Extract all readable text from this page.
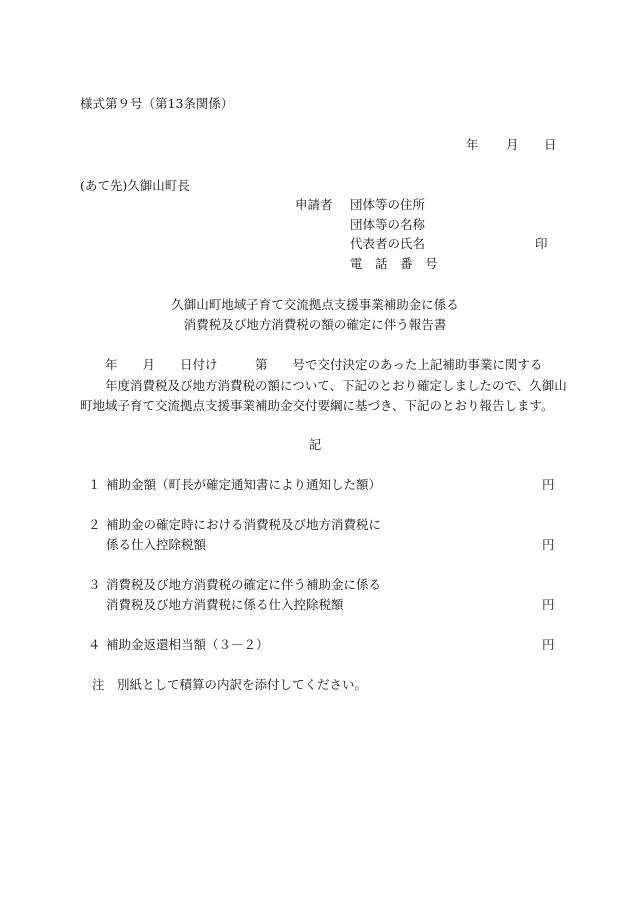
様式第９号（第13条関係）
年 月 日
(あて先)久御山町長
申請者 団体等の住所
団体等の名称
代表者の氏名	印
電　話　番　号
久御山町地域子育て交流拠点支援事業補助金に係る
消費税及び地方消費税の額の確定に伴う報告書
　　年　　月　　日付け　　　第　　号で交付決定のあった上記補助事業に関する
　　年度消費税及び地方消費税の額について、下記のとおり確定しましたので、久御山
町地域子育て交流拠点支援事業補助金交付要綱に基づき、下記のとおり報告します。
記
１ 補助金額（町長が確定通知書により通知した額）	円
２ 補助金の確定時における消費税及び地方消費税に
係る仕入控除税額	円
３ 消費税及び地方消費税の確定に伴う補助金に係る
消費税及び地方消費税に係る仕入控除税額	円
４ 補助金返還相当額（３－２）	円
注　別紙として積算の内訳を添付してください。
